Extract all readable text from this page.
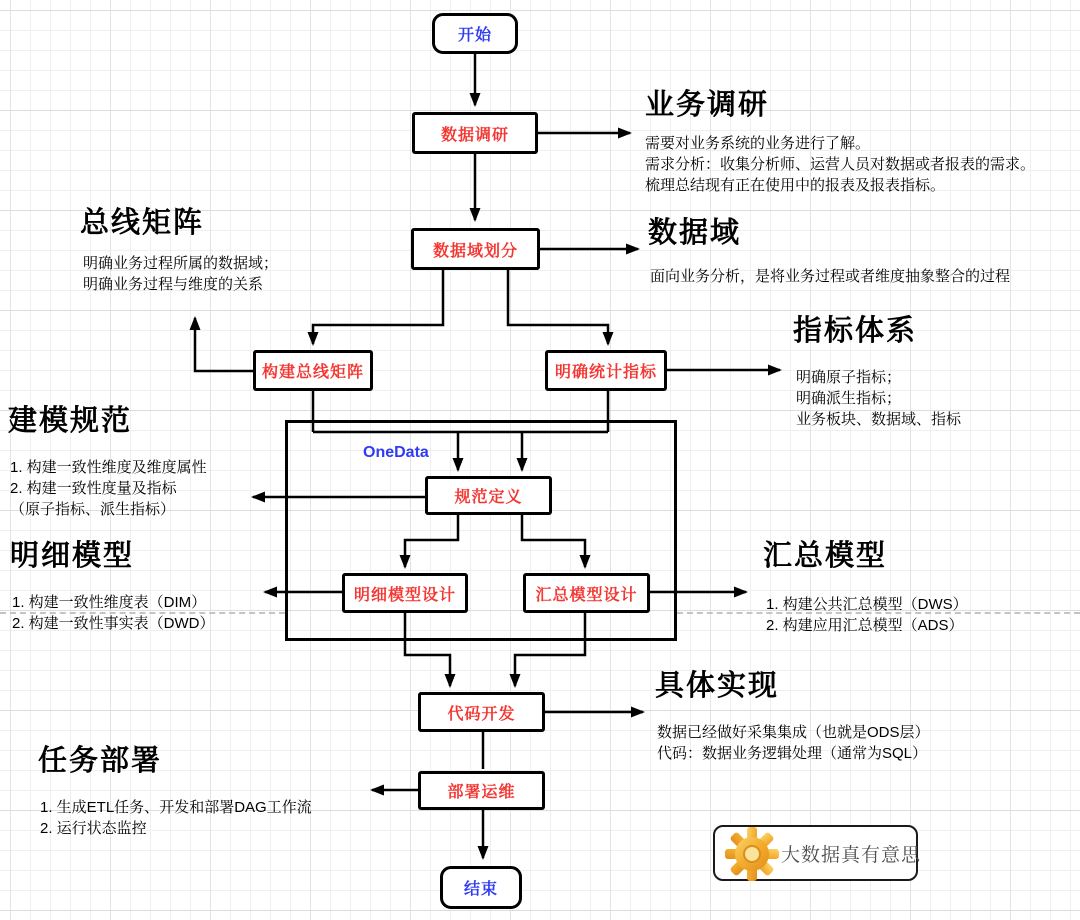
OneData
开始
数据调研
数据域划分
构建总线矩阵	明确统计指标
规范定义
明细模型设计	汇总模型设计
代码开发
部署运维
结束
业务调研
需要对业务系统的业务进行了解。
需求分析：收集分析师、运营人员对数据或者报表的需求。
梳理总结现有正在使用中的报表及报表指标。
总线矩阵
明确业务过程所属的数据域；
明确业务过程与维度的关系
数据域
面向业务分析，是将业务过程或者维度抽象整合的过程
指标体系
明确原子指标；
明确派生指标；
业务板块、数据域、指标
建模规范
1. 构建一致性维度及维度属性
2. 构建一致性度量及指标
（原子指标、派生指标）
明细模型
1. 构建一致性维度表（DIM）
2. 构建一致性事实表（DWD）
汇总模型
1. 构建公共汇总模型（DWS）
2. 构建应用汇总模型（ADS）
具体实现
数据已经做好采集集成（也就是ODS层）
代码：数据业务逻辑处理（通常为SQL）
任务部署
1. 生成ETL任务、开发和部署DAG工作流
2. 运行状态监控
大数据真有意思
